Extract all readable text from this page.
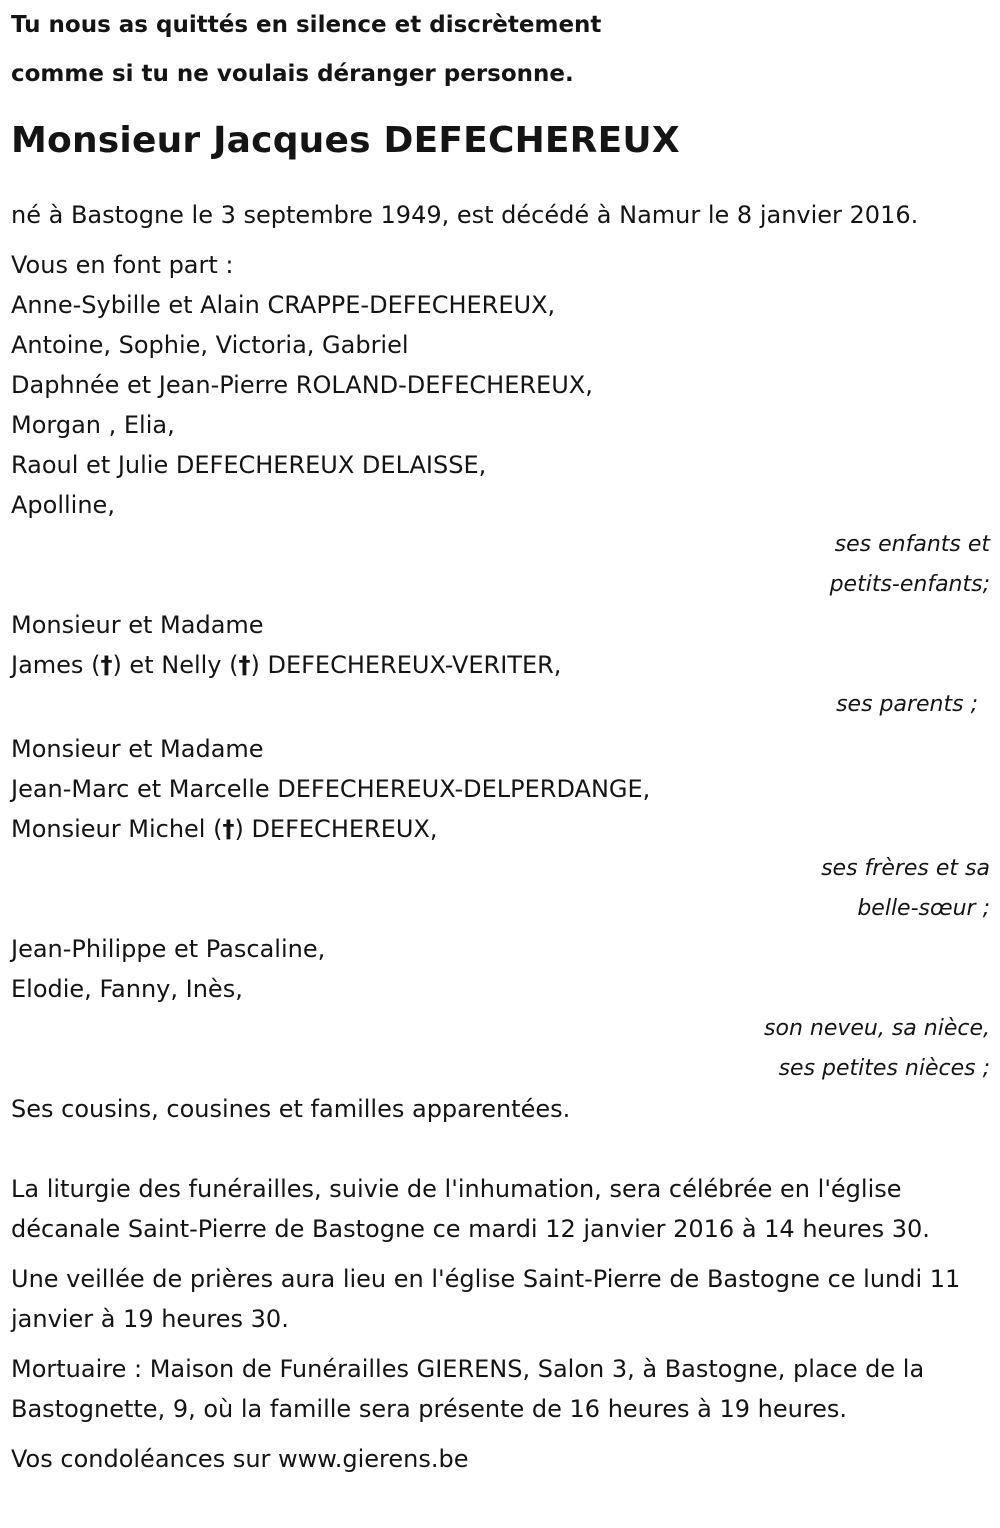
Tu nous as quittés en silence et discrètement
comme si tu ne voulais déranger personne.
Monsieur Jacques DEFECHEREUX
né à Bastogne le 3 septembre 1949, est décédé à Namur le 8 janvier 2016.
Vous en font part :
Anne-Sybille et Alain CRAPPE-DEFECHEREUX,
Antoine, Sophie, Victoria, Gabriel
Daphnée et Jean-Pierre ROLAND-DEFECHEREUX,
Morgan , Elia,
Raoul et Julie DEFECHEREUX DELAISSE,
Apolline,
ses enfants et
petits-enfants;
Monsieur et Madame
James (†) et Nelly (†) DEFECHEREUX-VERITER,
ses parents ;
Monsieur et Madame
Jean-Marc et Marcelle DEFECHEREUX-DELPERDANGE,
Monsieur Michel (†) DEFECHEREUX,
ses frères et sa
belle-sœur ;
Jean-Philippe et Pascaline,
Elodie, Fanny, Inès,
son neveu, sa nièce,
ses petites nièces ;
Ses cousins, cousines et familles apparentées.
La liturgie des funérailles, suivie de l'inhumation, sera célébrée en l'église décanale Saint-Pierre de Bastogne ce mardi 12 janvier 2016 à 14 heures 30.
Une veillée de prières aura lieu en l'église Saint-Pierre de Bastogne ce lundi 11 janvier à 19 heures 30.
Mortuaire : Maison de Funérailles GIERENS, Salon 3, à Bastogne, place de la Bastognette, 9, où la famille sera présente de 16 heures à 19 heures.
Vos condoléances sur www.gierens.be
